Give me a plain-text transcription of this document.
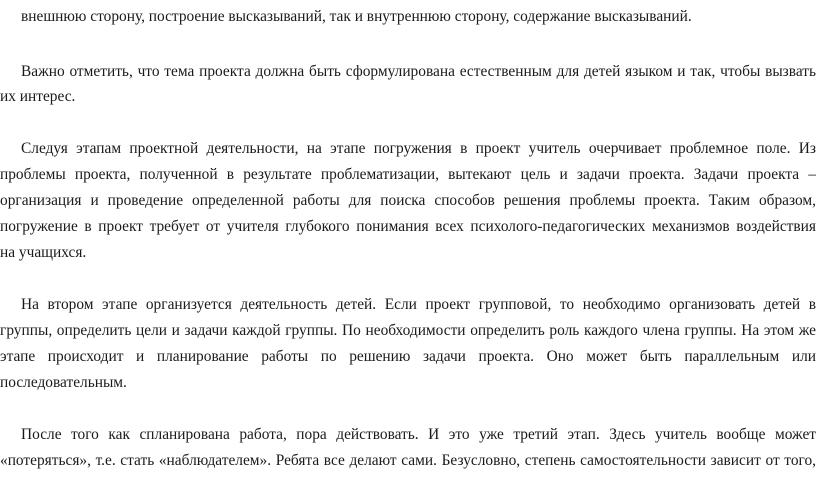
внешнюю сторону, построение высказываний, так и внутреннюю сторону, содержание высказываний.

Важно отметить, что тема проекта должна быть сформулирована естественным для детей языком и так, чтобы вызвать

их интерес.

Следуя этапам проектной деятельности, на этапе погружения в проект учитель очерчивает проблемное поле. Из

проблемы проекта, полученной в результате проблематизации, вытекают цель и задачи проекта. Задачи проекта –

организация и проведение определенной работы для поиска способов решения проблемы проекта. Таким образом,

погружение в проект требует от учителя глубокого понимания всех психолого-педагогических механизмов воздействия

на учащихся.

На втором этапе организуется деятельность детей. Если проект групповой, то необходимо организовать детей в

группы, определить цели и задачи каждой группы. По необходимости определить роль каждого члена группы. На этом же

этапе происходит и планирование работы по решению задачи проекта. Оно может быть параллельным или

последовательным.

После того как спланирована работа, пора действовать. И это уже третий этап. Здесь учитель вообще может

«потеряться», т.е. стать «наблюдателем». Ребята все делают сами. Безусловно, степень самостоятельности зависит от того,
